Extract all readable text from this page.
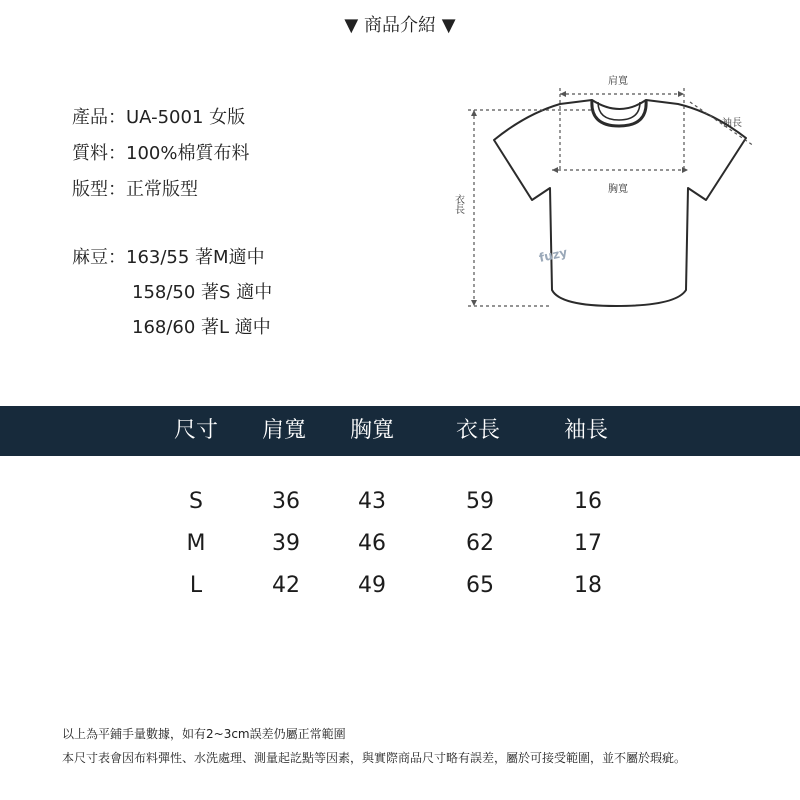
▼ 商品介紹 ▼
產品：UA-5001 女版
質料：100%棉質布料
版型：正常版型
麻豆：163/55 著M適中
158/50 著S 適中
168/60 著L 適中
肩寬
袖長
胸寬
衣長
fuzy
尺寸 肩寬 胸寬	衣長	袖長
S	36	43	59	16
M	39	46	62	17
L	42	49	65	18
以上為平鋪手量數據，如有2~3cm誤差仍屬正常範圍
本尺寸表會因布料彈性、水洗處理、測量起訖點等因素，與實際商品尺寸略有誤差，屬於可接受範圍，並不屬於瑕疵。
